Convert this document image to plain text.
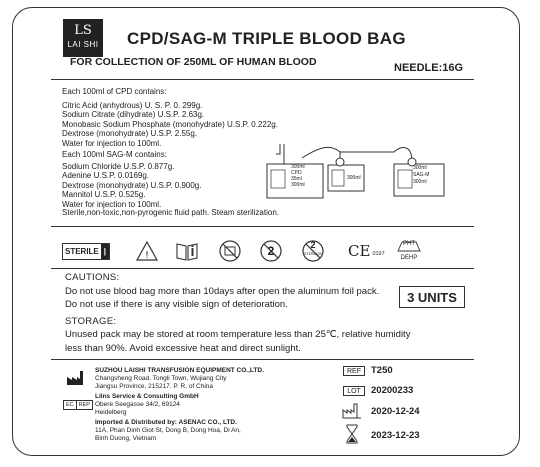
LS
LAI SHI CPD/SAG-M TRIPLE BLOOD BAG
FOR COLLECTION OF 250ML OF HUMAN BLOOD	NEEDLE:16G
Each 100ml of CPD contains:
Citric Acid (anhydrous) U. S. P. 0. 299g.
Sodium Citrate (dihydrate) U.S.P. 2.63g.
Monobasic Sodium Phosphate (monohydrate) U.S.P. 0.222g.
Dextrose (monohydrate) U.S.P. 2.55g.
Water for injection to 100ml.
Each 100ml SAG-M contains:
Sodium Chloride U.S.P. 0.877g.
Adenine U.S.P. 0.0169g.
Dextrose (monohydrate) U.S.P. 0.900g.
Mannitol U.S.P. 0.525g.
Water for injection to 100ml.
Sterile,non-toxic,non-pyrogenic fluid path. Steam sterilization.
300ml
CPD
35ml
300ml
300ml
300ml
SAG-M
300ml
STERILE |	!	2	2
STERILIZE CE 0197
PHT
DEHP
CAUTIONS:
Do not use blood bag more than 10days after open the aluminum foil pack.
Do not use if there is any visible sign of deterioration.	3 UNITS
STORAGE:
Unused pack may be stored at room temperature less than 25℃, relative humidity
less than 90%. Avoid excessive heat and direct sunlight.
SUZHOU LAISHI TRANSFUSION EQUIPMENT CO.,LTD.
Changsheng Road, Tongli Town, Wujiang City
Jiangsu Province, 215217. P. R. of China
EC REP
Lilns Service & Consulting GmbH
Obere Seegasse 34/2, 69124
Heidelberg
Imported & Distributed by: ASENAC CO., LTD.
11A, Phan Dinh Giot St, Dong B, Dong Hoa, Di An,
Binh Duong, Vietnam
REF	T250
LOT	20200233
2020-12-24
2023-12-23
